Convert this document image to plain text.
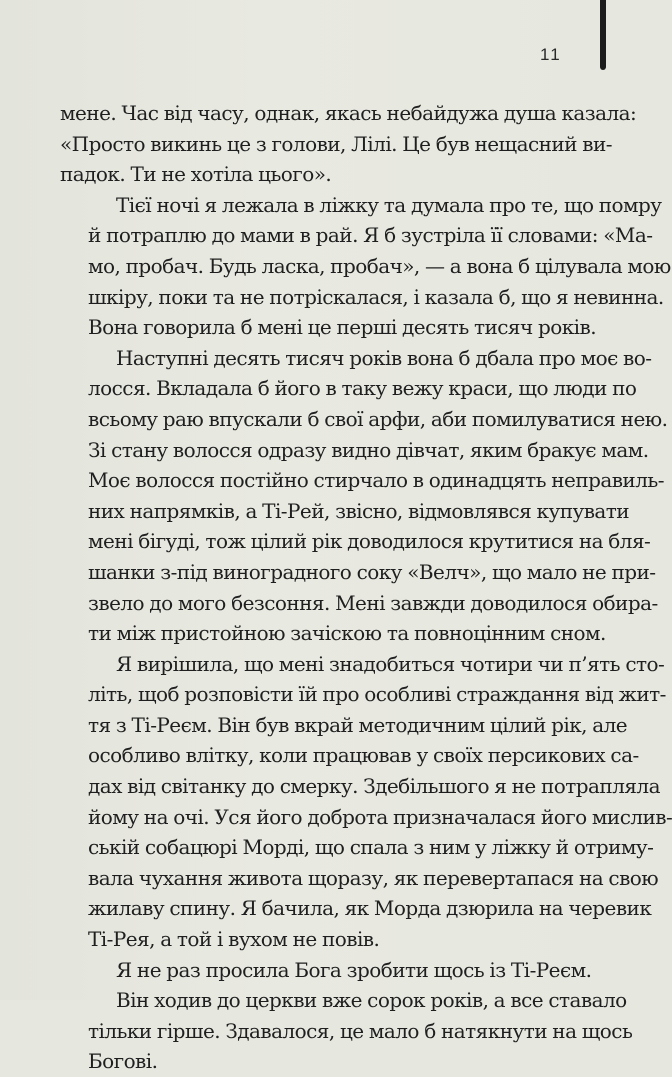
11
мене. Час від часу, однак, якась небайдужа душа казала:
«Просто викинь це з голови, Лілі. Це був нещасний ви-
падок. Ти не хотіла цього».
Тієї ночі я лежала в ліжку та думала про те, що помру
й потраплю до мами в рай. Я б зустріла її словами: «Ма-
мо, пробач. Будь ласка, пробач», — а вона б цілувала мою
шкіру, поки та не потріскалася, і казала б, що я невинна.
Вона говорила б мені це перші десять тисяч років.
Наступні десять тисяч років вона б дбала про моє во-
лосся. Вкладала б його в таку вежу краси, що люди по
всьому раю впускали б свої арфи, аби помилуватися нею.
Зі стану волосся одразу видно дівчат, яким бракує мам.
Моє волосся постійно стирчало в одинадцять неправиль-
них напрямків, а Ті-Рей, звісно, відмовлявся купувати
мені бігуді, тож цілий рік доводилося крутитися на бля-
шанки з-під виноградного соку «Велч», що мало не при-
звело до мого безсоння. Мені завжди доводилося обира-
ти між пристойною зачіскою та повноцінним сном.
Я вирішила, що мені знадобиться чотири чи п’ять сто-
літь, щоб розповісти їй про особливі страждання від жит-
тя з Ті-Реєм. Він був вкрай методичним цілий рік, але
особливо влітку, коли працював у своїх персикових са-
дах від світанку до смерку. Здебільшого я не потрапляла
йому на очі. Уся його доброта призначалася його мислив-
ській собацюрі Морді, що спала з ним у ліжку й отриму-
вала чухання живота щоразу, як перевертапася на свою
жилаву спину. Я бачила, як Морда дзюрила на черевик
Ті-Рея, а той і вухом не повів.
Я не раз просила Бога зробити щось із Ті-Реєм.
Він ходив до церкви вже сорок років, а все ставало
тільки гірше. Здавалося, це мало б натякнути на щось
Богові.
